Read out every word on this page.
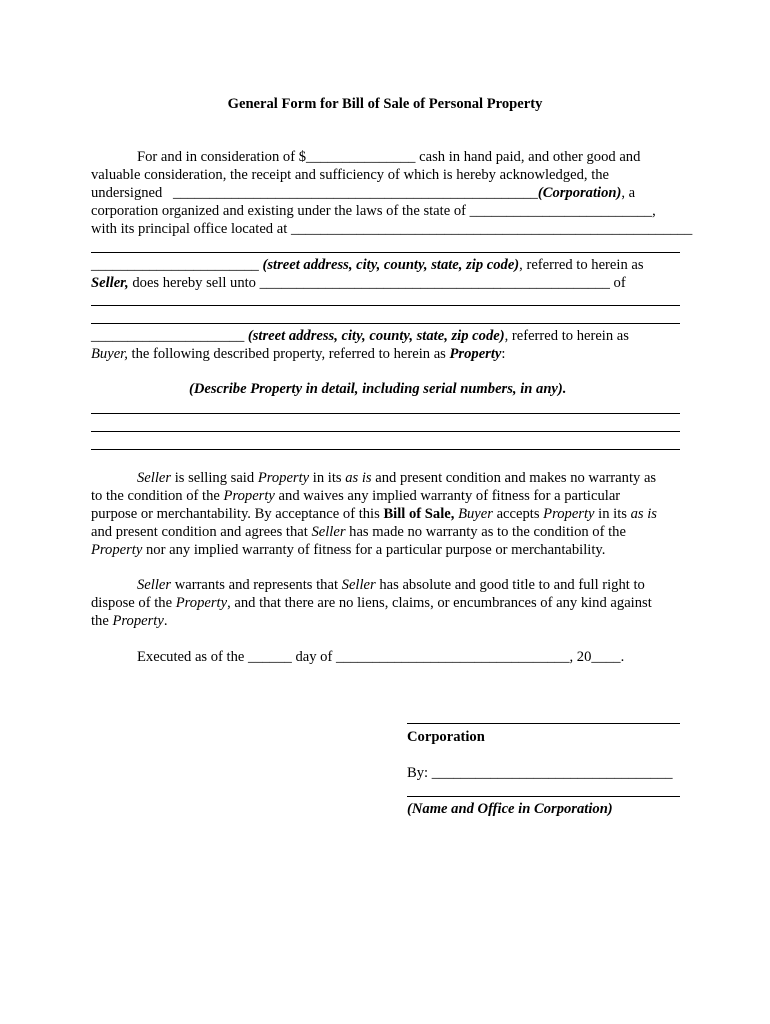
General Form for Bill of Sale of Personal Property
For and in consideration of $_______________ cash in hand paid, and other good and
valuable consideration, the receipt and sufficiency of which is hereby acknowledged, the
undersigned __________________________________________________(Corporation), a
corporation organized and existing under the laws of the state of _________________________,
with its principal office located at _______________________________________________________
_______________________ (street address, city, county, state, zip code), referred to herein as
Seller, does hereby sell unto ________________________________________________ of
_____________________ (street address, city, county, state, zip code), referred to herein as
Buyer, the following described property, referred to herein as Property:
(Describe Property in detail, including serial numbers, in any).
Seller is selling said Property in its as is and present condition and makes no warranty as
to the condition of the Property and waives any implied warranty of fitness for a particular
purpose or merchantability. By acceptance of this Bill of Sale, Buyer accepts Property in its as is
and present condition and agrees that Seller has made no warranty as to the condition of the
Property nor any implied warranty of fitness for a particular purpose or merchantability.
Seller warrants and represents that Seller has absolute and good title to and full right to
dispose of the Property, and that there are no liens, claims, or encumbrances of any kind against
the Property.
Executed as of the ______ day of ________________________________, 20____.
Corporation
By: _________________________________
(Name and Office in Corporation)
